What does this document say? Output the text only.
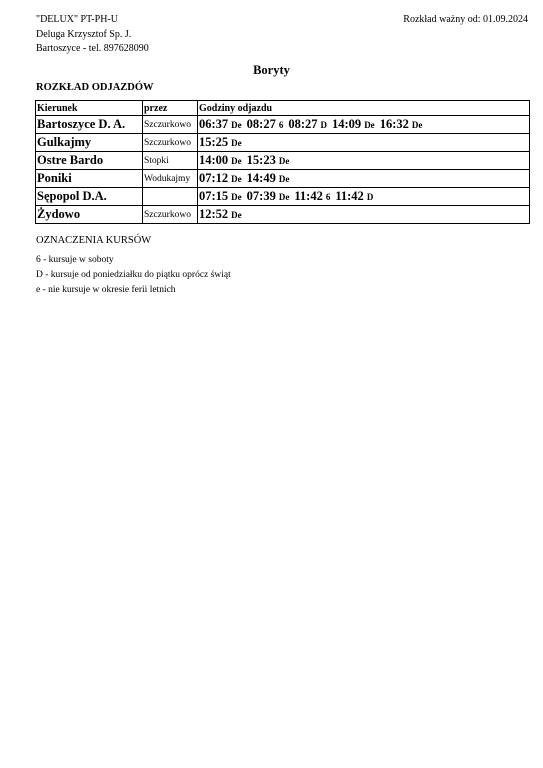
"DELUX" PT-PH-U
Deluga Krzysztof Sp. J.
Bartoszyce - tel. 897628090
Rozkład ważny od: 01.09.2024
Boryty
ROZKŁAD ODJAZDÓW
Kierunek	przez	Godziny odjazdu
Bartoszyce D. A.	Szczurkowo	06:37 De 08:27 6 08:27 D 14:09 De 16:32 De
Gulkajmy	Szczurkowo	15:25 De
Ostre Bardo	Stopki	14:00 De 15:23 De
Poniki	Wodukajmy	07:12 De 14:49 De
Sępopol D.A.		07:15 De 07:39 De 11:42 6 11:42 D
Żydowo	Szczurkowo	12:52 De
OZNACZENIA KURSÓW
6 - kursuje w soboty
D - kursuje od poniedziałku do piątku oprócz świąt
e - nie kursuje w okresie ferii letnich
